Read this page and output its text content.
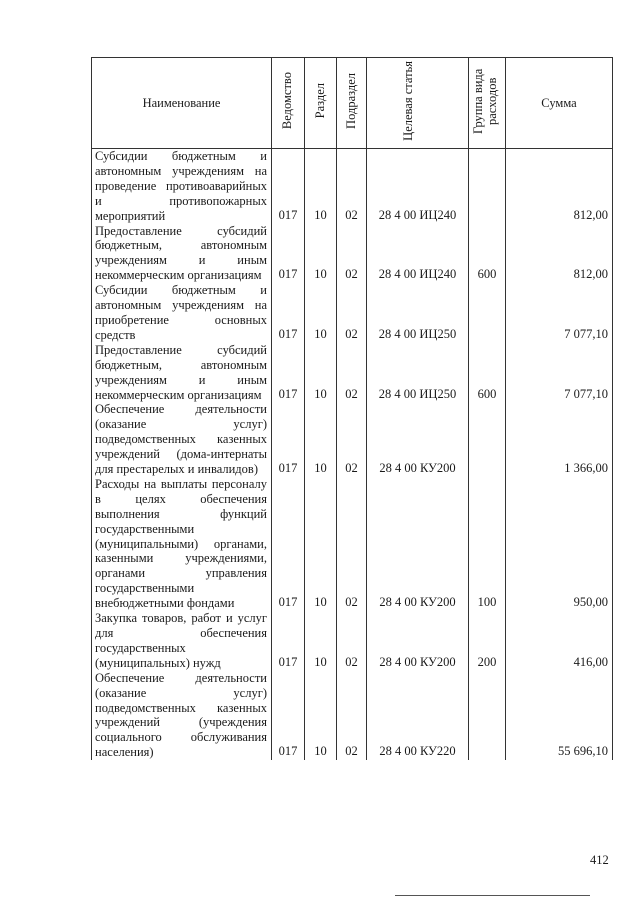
Наименование	Ведомство	Раздел	Подраздел	Целевая статья	Группа вида расходов	Сумма
Субсидии бюджетным и автономным учреждениям на проведение противоаварийных и противопожарных мероприятий	017	10	02	28 4 00 ИЦ240		812,00
Предоставление субсидий бюджетным, автономным учреждениям и иным некоммерческим организациям	017	10	02	28 4 00 ИЦ240	600	812,00
Субсидии бюджетным и автономным учреждениям на приобретение основных средств	017	10	02	28 4 00 ИЦ250		7 077,10
Предоставление субсидий бюджетным, автономным учреждениям и иным некоммерческим организациям	017	10	02	28 4 00 ИЦ250	600	7 077,10
Обеспечение деятельности (оказание услуг) подведомственных казенных учреждений (дома-интернаты для престарелых и инвалидов)	017	10	02	28 4 00 КУ200		1 366,00
Расходы на выплаты персоналу в целях обеспечения выполнения функций государственными (муниципальными) органами, казенными учреждениями, органами управления государственными внебюджетными фондами	017	10	02	28 4 00 КУ200	100	950,00
Закупка товаров, работ и услуг для обеспечения государственных (муниципальных) нужд	017	10	02	28 4 00 КУ200	200	416,00
Обеспечение деятельности (оказание услуг) подведомственных казенных учреждений (учреждения социального обслуживания населения)	017	10	02	28 4 00 КУ220		55 696,10
412
